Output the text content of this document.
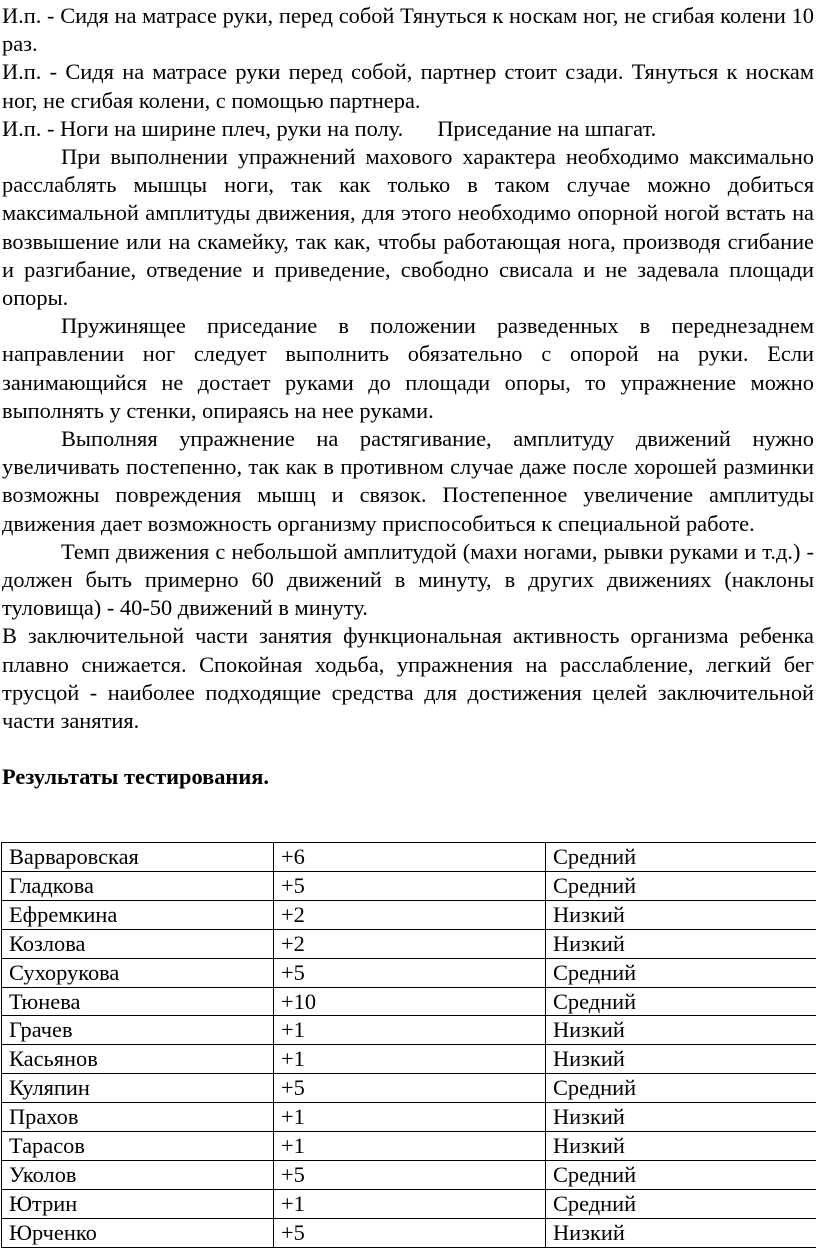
И.п. - Сидя на матрасе руки, перед собой Тянуться к носкам ног, не сгибая колени 10 раз.

И.п. - Сидя на матрасе руки перед собой, партнер стоит сзади. Тянуться к носкам ног, не сгибая колени, с помощью партнера.

И.п. - Ноги на ширине плеч, руки на полу. Приседание на шпагат.

При выполнении упражнений махового характера необходимо максимально расслаблять мышцы ноги, так как только в таком случае можно добиться максимальной амплитуды движения, для этого необходимо опорной ногой встать на возвышение или на скамейку, так как, чтобы работающая нога, производя сгибание и разгибание, отведение и приведение, свободно свисала и не задевала площади опоры.

Пружинящее приседание в положении разведенных в переднезаднем направлении ног следует выполнить обязательно с опорой на руки. Если занимающийся не достает руками до площади опоры, то упражнение можно выполнять у стенки, опираясь на нее руками.

Выполняя упражнение на растягивание, амплитуду движений нужно увеличивать постепенно, так как в противном случае даже после хорошей разминки возможны повреждения мышц и связок. Постепенное увеличение амплитуды движения дает возможность организму приспособиться к специальной работе.

Темп движения с небольшой амплитудой (махи ногами, рывки руками и т.д.) - должен быть примерно 60 движений в минуту, в других движениях (наклоны туловища) - 40-50 движений в минуту.

В заключительной части занятия функциональная активность организма ребенка плавно снижается. Спокойная ходьба, упражнения на расслабление, легкий бег трусцой - наиболее подходящие средства для достижения целей заключительной части занятия.

Результаты тестирования.

Варваровская	+6	Средний
Гладкова	+5	Средний
Ефремкина	+2	Низкий
Козлова	+2	Низкий
Сухорукова	+5	Средний
Тюнева	+10	Средний
Грачев	+1	Низкий
Касьянов	+1	Низкий
Куляпин	+5	Средний
Прахов	+1	Низкий
Тарасов	+1	Низкий
Уколов	+5	Средний
Ютрин	+1	Средний
Юрченко	+5	Низкий
